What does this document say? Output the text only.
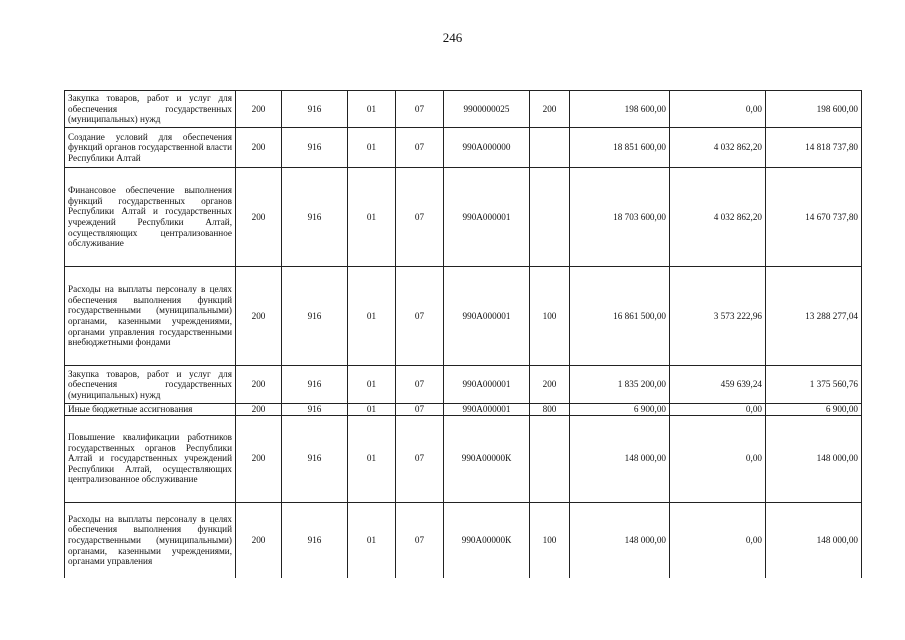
246
Закупка товаров, работ и услуг для обеспечения государственных (муниципальных) нужд	200	916	01	07	9900000025	200	198 600,00	0,00	198 600,00
Создание условий для обеспечения функций органов государственной власти Республики Алтай	200	916	01	07	990А000000		18 851 600,00	4 032 862,20	14 818 737,80
Финансовое обеспечение выполнения функций государственных органов Республики Алтай и государственных учреждений Республики Алтай, осуществляющих централизованное обслуживание	200	916	01	07	990А000001		18 703 600,00	4 032 862,20	14 670 737,80
Расходы на выплаты персоналу в целях обеспечения выполнения функций государственными (муниципальными) органами, казенными учреждениями, органами управления государственными внебюджетными фондами	200	916	01	07	990А000001	100	16 861 500,00	3 573 222,96	13 288 277,04
Закупка товаров, работ и услуг для обеспечения государственных (муниципальных) нужд	200	916	01	07	990А000001	200	1 835 200,00	459 639,24	1 375 560,76
Иные бюджетные ассигнования	200	916	01	07	990А000001	800	6 900,00	0,00	6 900,00
Повышение квалификации работников государственных органов Республики Алтай и государственных учреждений Республики Алтай, осуществляющих централизованное обслуживание	200	916	01	07	990А00000К		148 000,00	0,00	148 000,00
Расходы на выплаты персоналу в целях обеспечения выполнения функций государственными (муниципальными) органами, казенными учреждениями, органами управления	200	916	01	07	990А00000К	100	148 000,00	0,00	148 000,00
